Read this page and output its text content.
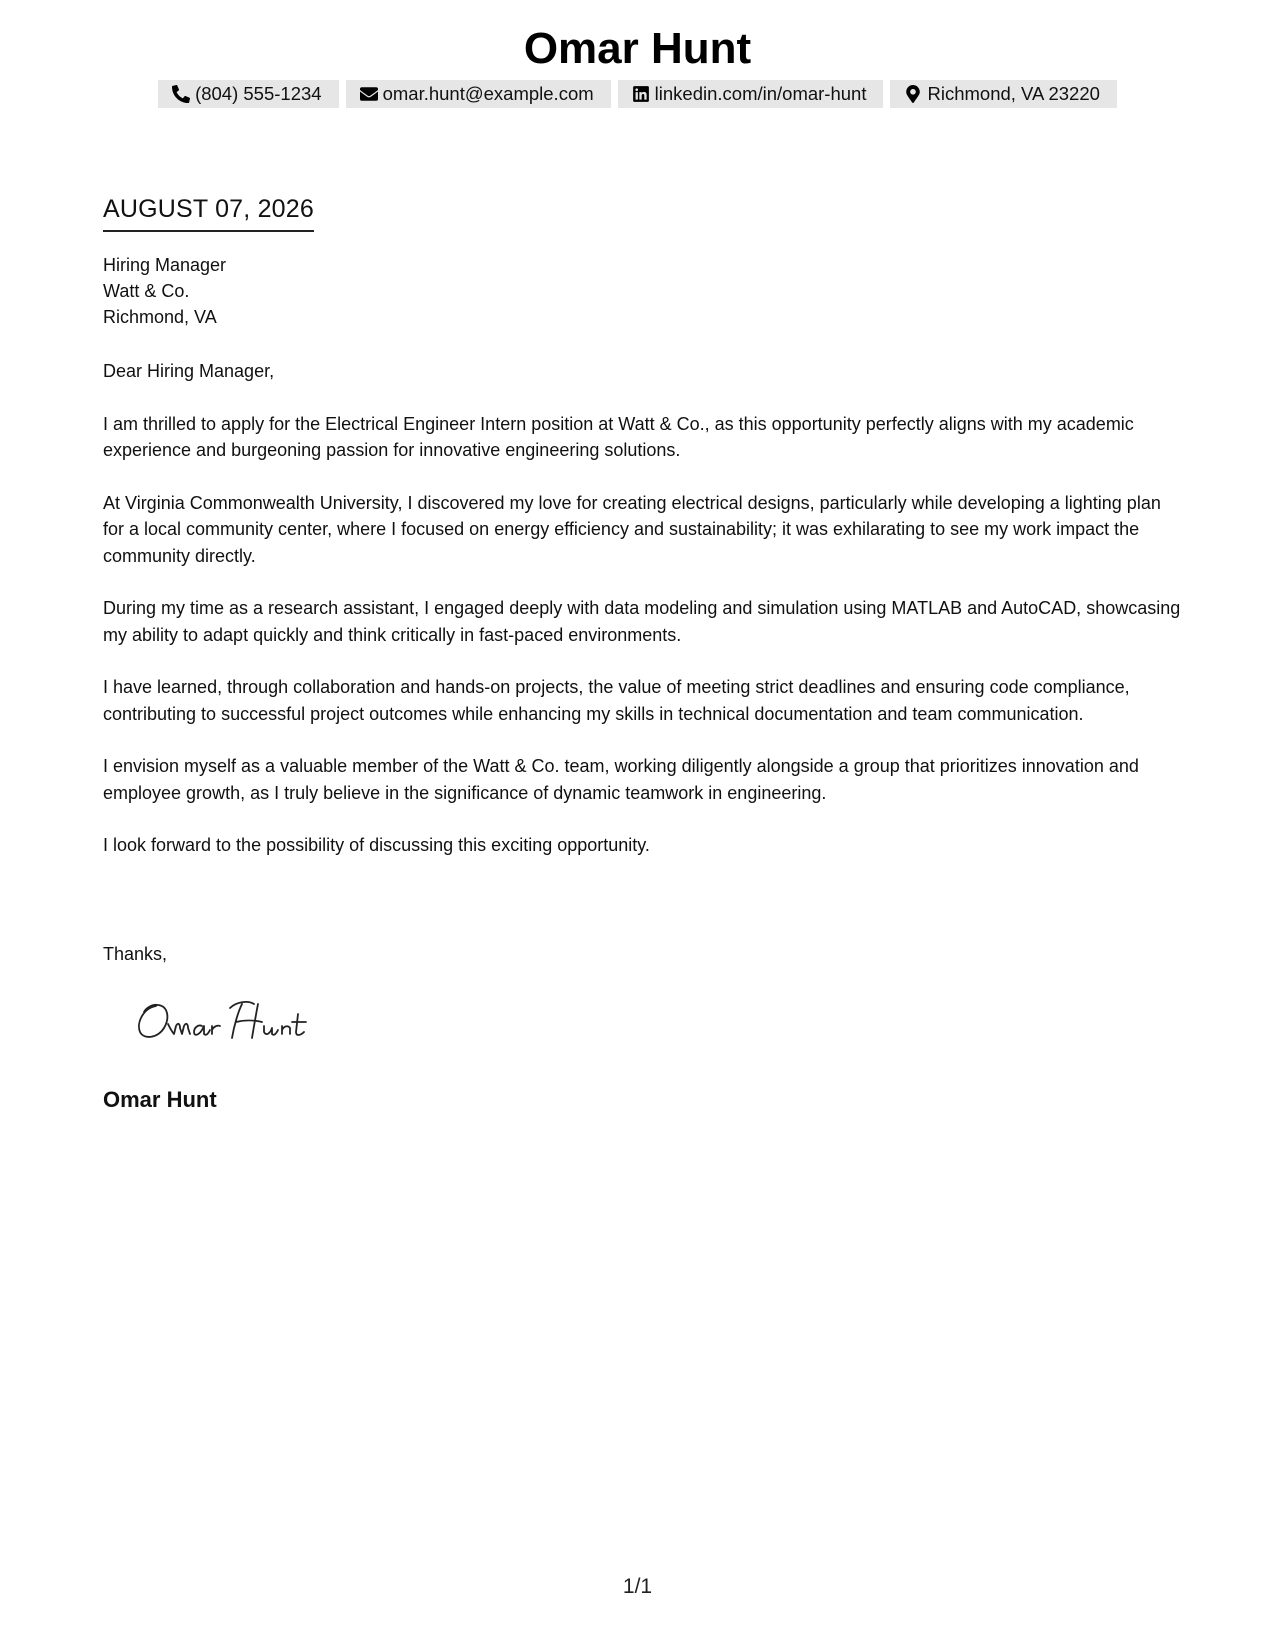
Omar Hunt
(804) 555-1234	omar.hunt@example.com	linkedin.com/in/omar-hunt	Richmond, VA 23220
AUGUST 07, 2026
Hiring Manager
Watt & Co.
Richmond, VA

Dear Hiring Manager,

I am thrilled to apply for the Electrical Engineer Intern position at Watt & Co., as this opportunity perfectly aligns with my academic experience and burgeoning passion for innovative engineering solutions.

At Virginia Commonwealth University, I discovered my love for creating electrical designs, particularly while developing a lighting plan for a local community center, where I focused on energy efficiency and sustainability; it was exhilarating to see my work impact the community directly.

During my time as a research assistant, I engaged deeply with data modeling and simulation using MATLAB and AutoCAD, showcasing my ability to adapt quickly and think critically in fast-paced environments.

I have learned, through collaboration and hands-on projects, the value of meeting strict deadlines and ensuring code compliance, contributing to successful project outcomes while enhancing my skills in technical documentation and team communication.

I envision myself as a valuable member of the Watt & Co. team, working diligently alongside a group that prioritizes innovation and employee growth, as I truly believe in the significance of dynamic teamwork in engineering.

I look forward to the possibility of discussing this exciting opportunity.

Thanks,
Omar Hunt
1/1
